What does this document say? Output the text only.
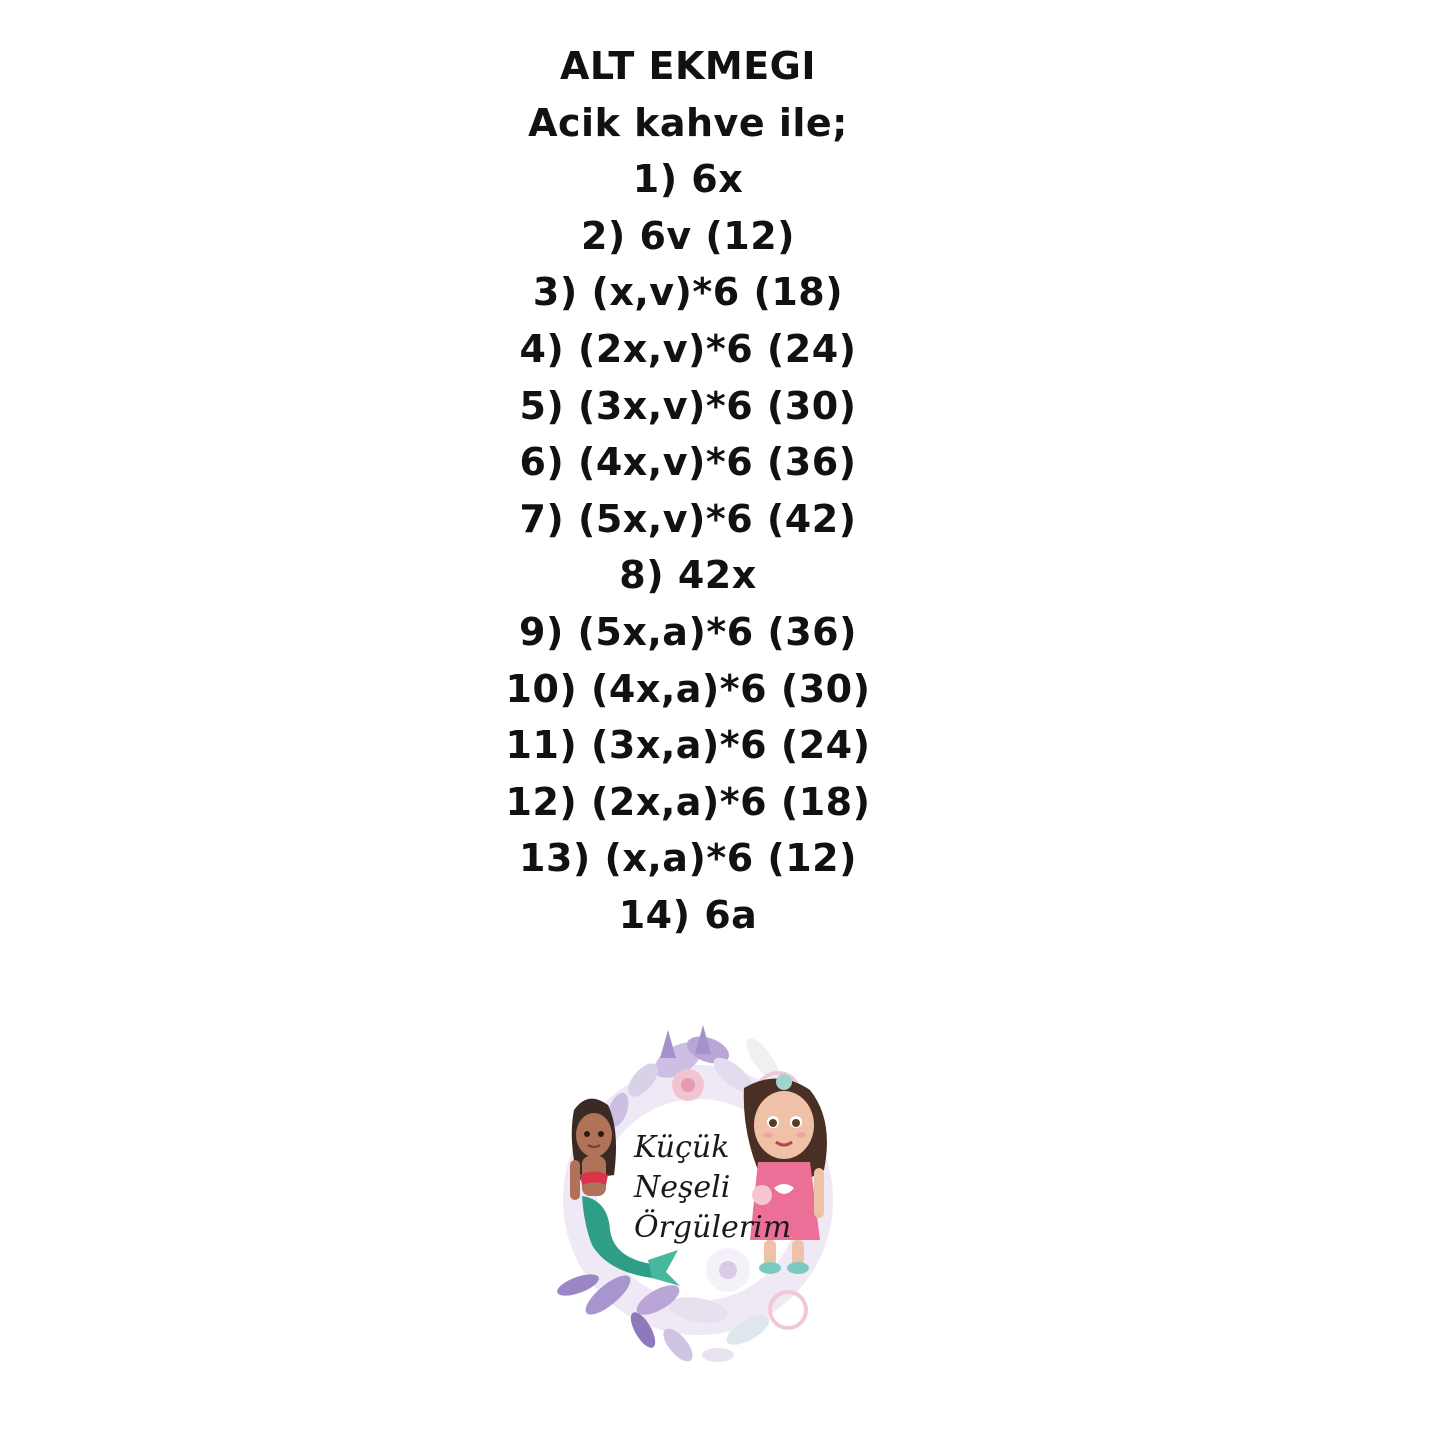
ALT EKMEGI
Acik kahve ile;
1) 6x
2) 6v (12)
3) (x,v)*6 (18)
4) (2x,v)*6 (24)
5) (3x,v)*6 (30)
6) (4x,v)*6 (36)
7) (5x,v)*6 (42)
8) 42x
9) (5x,a)*6 (36)
10) (4x,a)*6 (30)
11) (3x,a)*6 (24)
12) (2x,a)*6 (18)
13) (x,a)*6 (12)
14) 6a
Küçük
Neşeli
Örgülerim
